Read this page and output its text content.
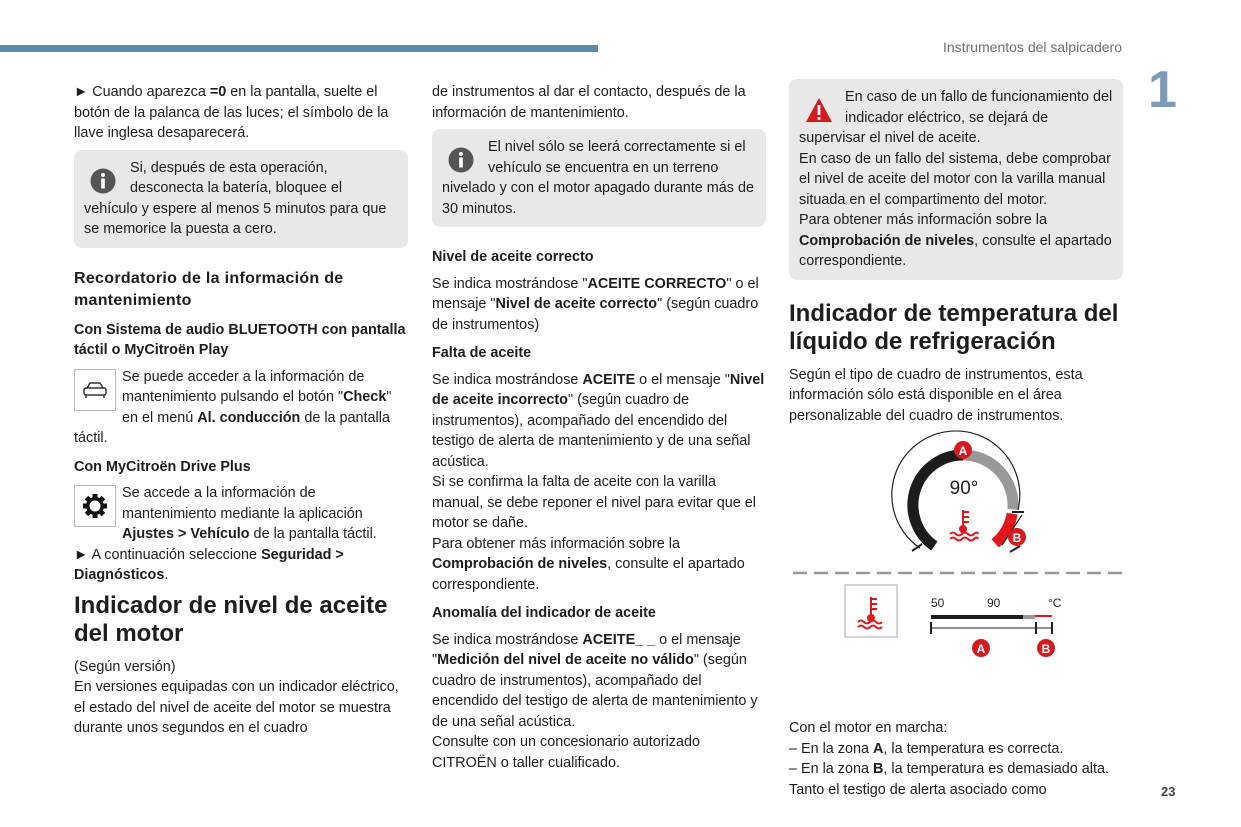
Instrumentos del salpicadero
1
23

► Cuando aparezca =0 en la pantalla, suelte el botón de la palanca de las luces; el símbolo de la llave inglesa desaparecerá.

Si, después de esta operación, desconecta la batería, bloquee el vehículo y espere al menos 5 minutos para que se memorice la puesta a cero.

Recordatorio de la información de mantenimiento

Con Sistema de audio BLUETOOTH con pantalla táctil o MyCitroën Play

Se puede acceder a la información de mantenimiento pulsando el botón "Check" en el menú Al. conducción de la pantalla táctil.

Con MyCitroën Drive Plus

Se accede a la información de mantenimiento mediante la aplicación Ajustes > Vehículo de la pantalla táctil.

► A continuación seleccione Seguridad > Diagnósticos.

Indicador de nivel de aceite del motor

(Según versión)

En versiones equipadas con un indicador eléctrico, el estado del nivel de aceite del motor se muestra durante unos segundos en el cuadro

de instrumentos al dar el contacto, después de la información de mantenimiento.

El nivel sólo se leerá correctamente si el vehículo se encuentra en un terreno nivelado y con el motor apagado durante más de 30 minutos.

Nivel de aceite correcto

Se indica mostrándose "ACEITE CORRECTO" o el mensaje "Nivel de aceite correcto" (según cuadro de instrumentos)

Falta de aceite

Se indica mostrándose ACEITE o el mensaje "Nivel de aceite incorrecto" (según cuadro de instrumentos), acompañado del encendido del testigo de alerta de mantenimiento y de una señal acústica.

Si se confirma la falta de aceite con la varilla manual, se debe reponer el nivel para evitar que el motor se dañe.

Para obtener más información sobre la Comprobación de niveles, consulte el apartado correspondiente.

Anomalía del indicador de aceite

Se indica mostrándose ACEITE_ _ o el mensaje "Medición del nivel de aceite no válido" (según cuadro de instrumentos), acompañado del encendido del testigo de alerta de mantenimiento y de una señal acústica.

Consulte con un concesionario autorizado CITROËN o taller cualificado.

En caso de un fallo de funcionamiento del indicador eléctrico, se dejará de supervisar el nivel de aceite.

En caso de un fallo del sistema, debe comprobar el nivel de aceite del motor con la varilla manual situada en el compartimento del motor.

Para obtener más información sobre la Comprobación de niveles, consulte el apartado correspondiente.

Indicador de temperatura del líquido de refrigeración

Según el tipo de cuadro de instrumentos, esta información sólo está disponible en el área personalizable del cuadro de instrumentos.

Con el motor en marcha:

– En la zona A, la temperatura es correcta.

– En la zona B, la temperatura es demasiado alta. Tanto el testigo de alerta asociado como

90°
A
B
50	90	°C
A	B
